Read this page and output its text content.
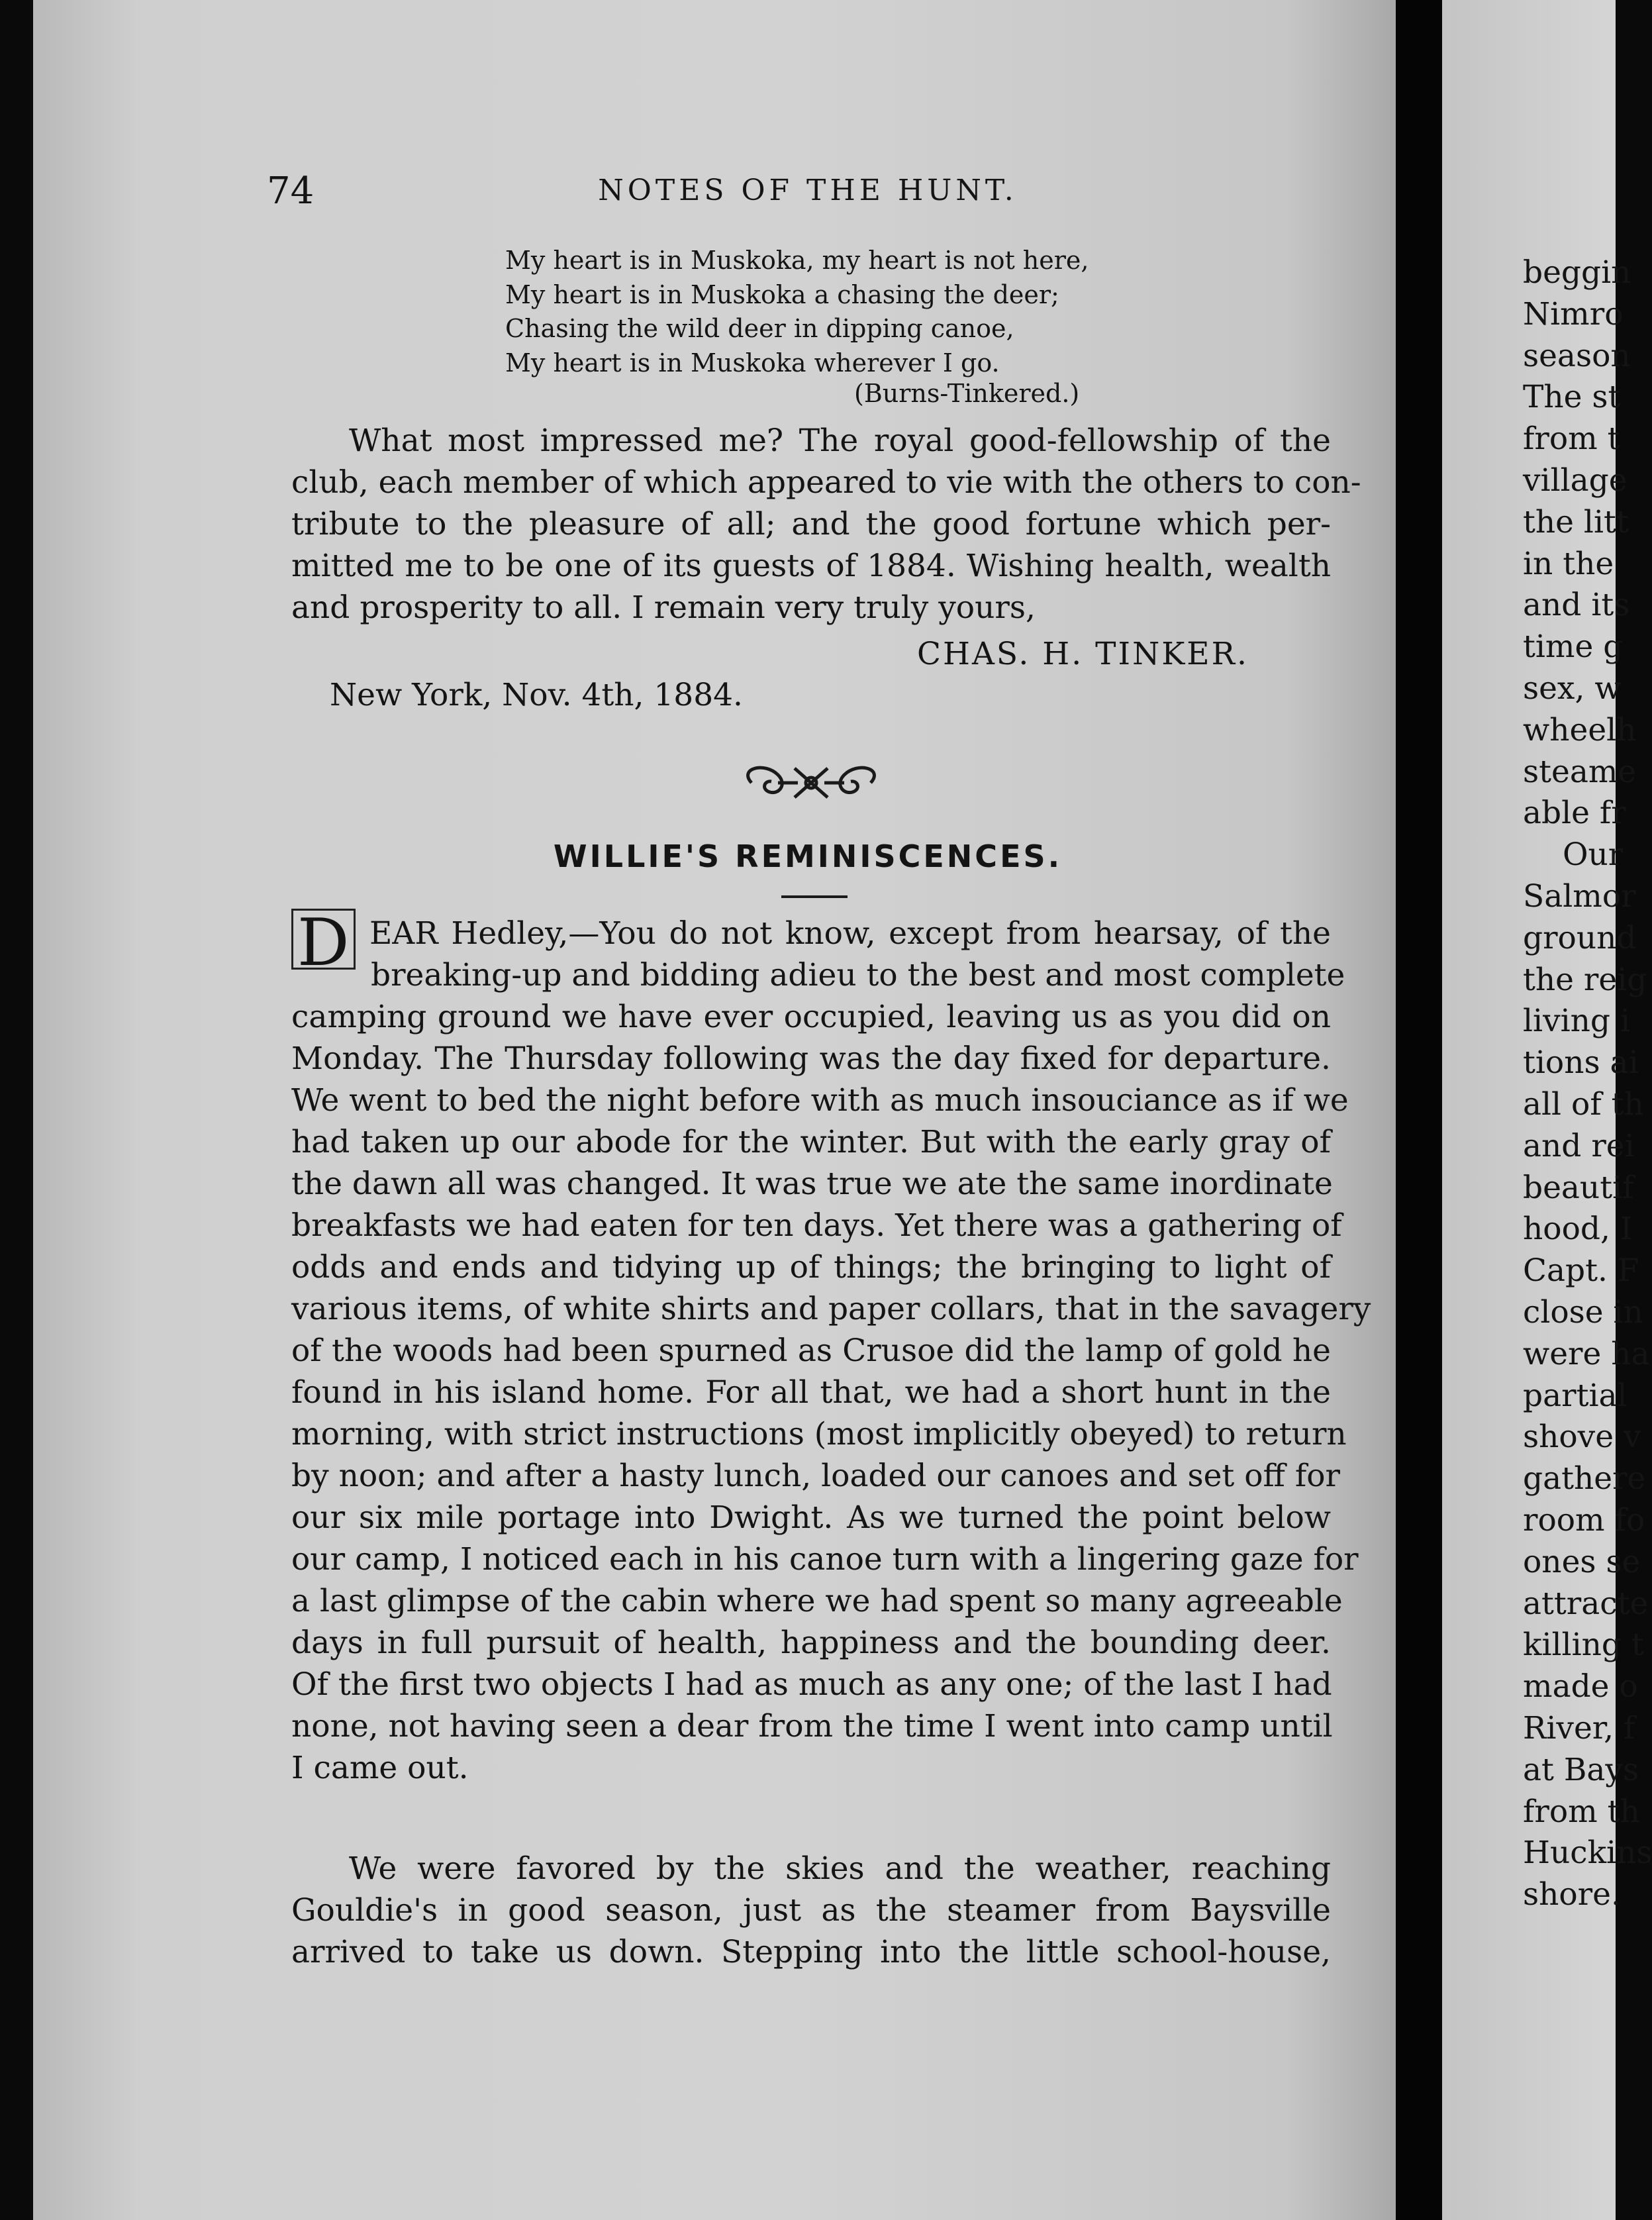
74	NOTES OF THE HUNT.
My heart is in Muskoka, my heart is not here,
My heart is in Muskoka a chasing the deer;
Chasing the wild deer in dipping canoe,
My heart is in Muskoka wherever I go.
(Burns-Tinkered.)
What most impressed me? The royal good-fellowship of the
club, each member of which appeared to vie with the others to con-
tribute to the pleasure of all; and the good fortune which per-
mitted me to be one of its guests of 1884. Wishing health, wealth
and prosperity to all. I remain very truly yours,
CHAS. H. TINKER.
New York, Nov. 4th, 1884.
WILLIE'S REMINISCENCES.
D EAR Hedley,—You do not know, except from hearsay, of the
breaking-up and bidding adieu to the best and most complete
camping ground we have ever occupied, leaving us as you did on
Monday. The Thursday following was the day fixed for departure.
We went to bed the night before with as much insouciance as if we
had taken up our abode for the winter. But with the early gray of
the dawn all was changed. It was true we ate the same inordinate
breakfasts we had eaten for ten days. Yet there was a gathering of
odds and ends and tidying up of things; the bringing to light of
various items, of white shirts and paper collars, that in the savagery
of the woods had been spurned as Crusoe did the lamp of gold he
found in his island home. For all that, we had a short hunt in the
morning, with strict instructions (most implicitly obeyed) to return
by noon; and after a hasty lunch, loaded our canoes and set off for
our six mile portage into Dwight. As we turned the point below
our camp, I noticed each in his canoe turn with a lingering gaze for
a last glimpse of the cabin where we had spent so many agreeable
days in full pursuit of health, happiness and the bounding deer.
Of the first two objects I had as much as any one; of the last I had
none, not having seen a dear from the time I went into camp until
I came out.
We were favored by the skies and the weather, reaching
Gouldie's in good season, just as the steamer from Baysville
arrived to take us down. Stepping into the little school-house,
beggin
Nimro
season
The st
from t
village
the litt
in the
and its
time g
sex, w
wheelh
steame
able fr
Our
Salmor
ground
the reig
living i
tions ai
all of th
and rei
beautif
hood, I
Capt. F
close in
were ha
partial
shove v
gathere
room fo
ones se
attracte
killing t
made o
River, f
at Bays
from th
Huckins
shore.
